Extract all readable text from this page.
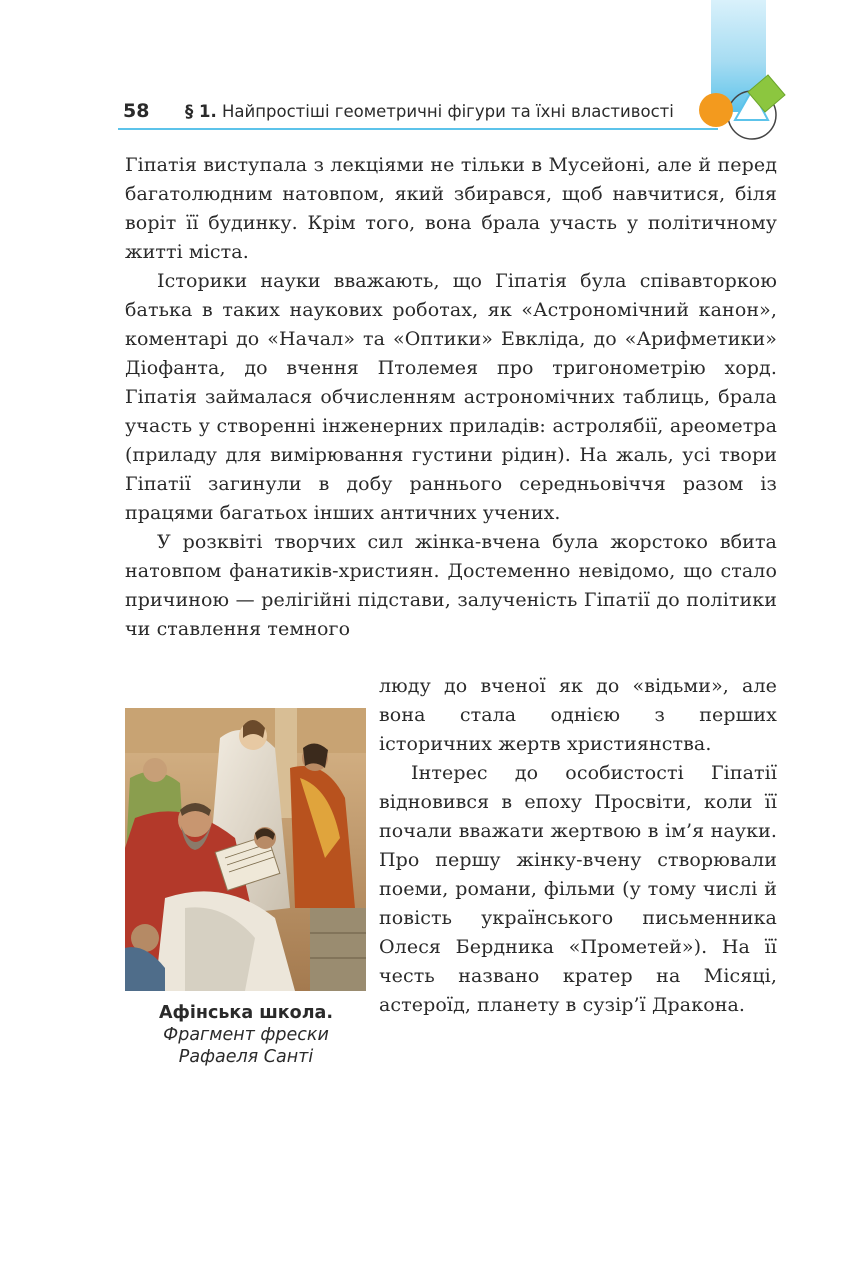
58 § 1. Найпростіші геометричні фігури та їхні властивості

Гіпатія виступала з лекціями не тільки в Мусейоні, але й перед багатолюдним натовпом, який збирався, щоб навчитися, біля воріт її будинку. Крім того, вона брала участь у політичному житті міста.

Історики науки вважають, що Гіпатія була співавторкою батька в таких наукових роботах, як «Астрономічний канон», коментарі до «Начал» та «Оптики» Евкліда, до «Арифметики» Діофанта, до вчення Птолемея про тригонометрію хорд. Гіпатія займалася обчисленням астрономічних таблиць, брала участь у створенні інженерних приладів: астролябії, ареометра (приладу для вимірювання густини рідин). На жаль, усі твори Гіпатії загинули в добу раннього середньовіччя разом із працями багатьох інших античних учених.

У розквіті творчих сил жінка-вчена була жорстоко вбита натовпом фанатиків-християн. Достеменно невідомо, що стало причиною — релігійні підстави, залученість Гіпатії до політики чи ставлення темного

Афінська школа.
Фрагмент фрески
Рафаеля Санті

люду до вченої як до «відьми», але вона стала однією з перших історичних жертв християнства.

Інтерес до особистості Гіпатії відновився в епоху Просвіти, коли її почали вважати жертвою в ім’я науки. Про першу жінку-вчену створювали поеми, романи, фільми (у тому числі й повість українського письменника Олеся Бердника «Прометей»). На її честь названо кратер на Місяці, астероїд, планету в сузір’ї Дракона.
